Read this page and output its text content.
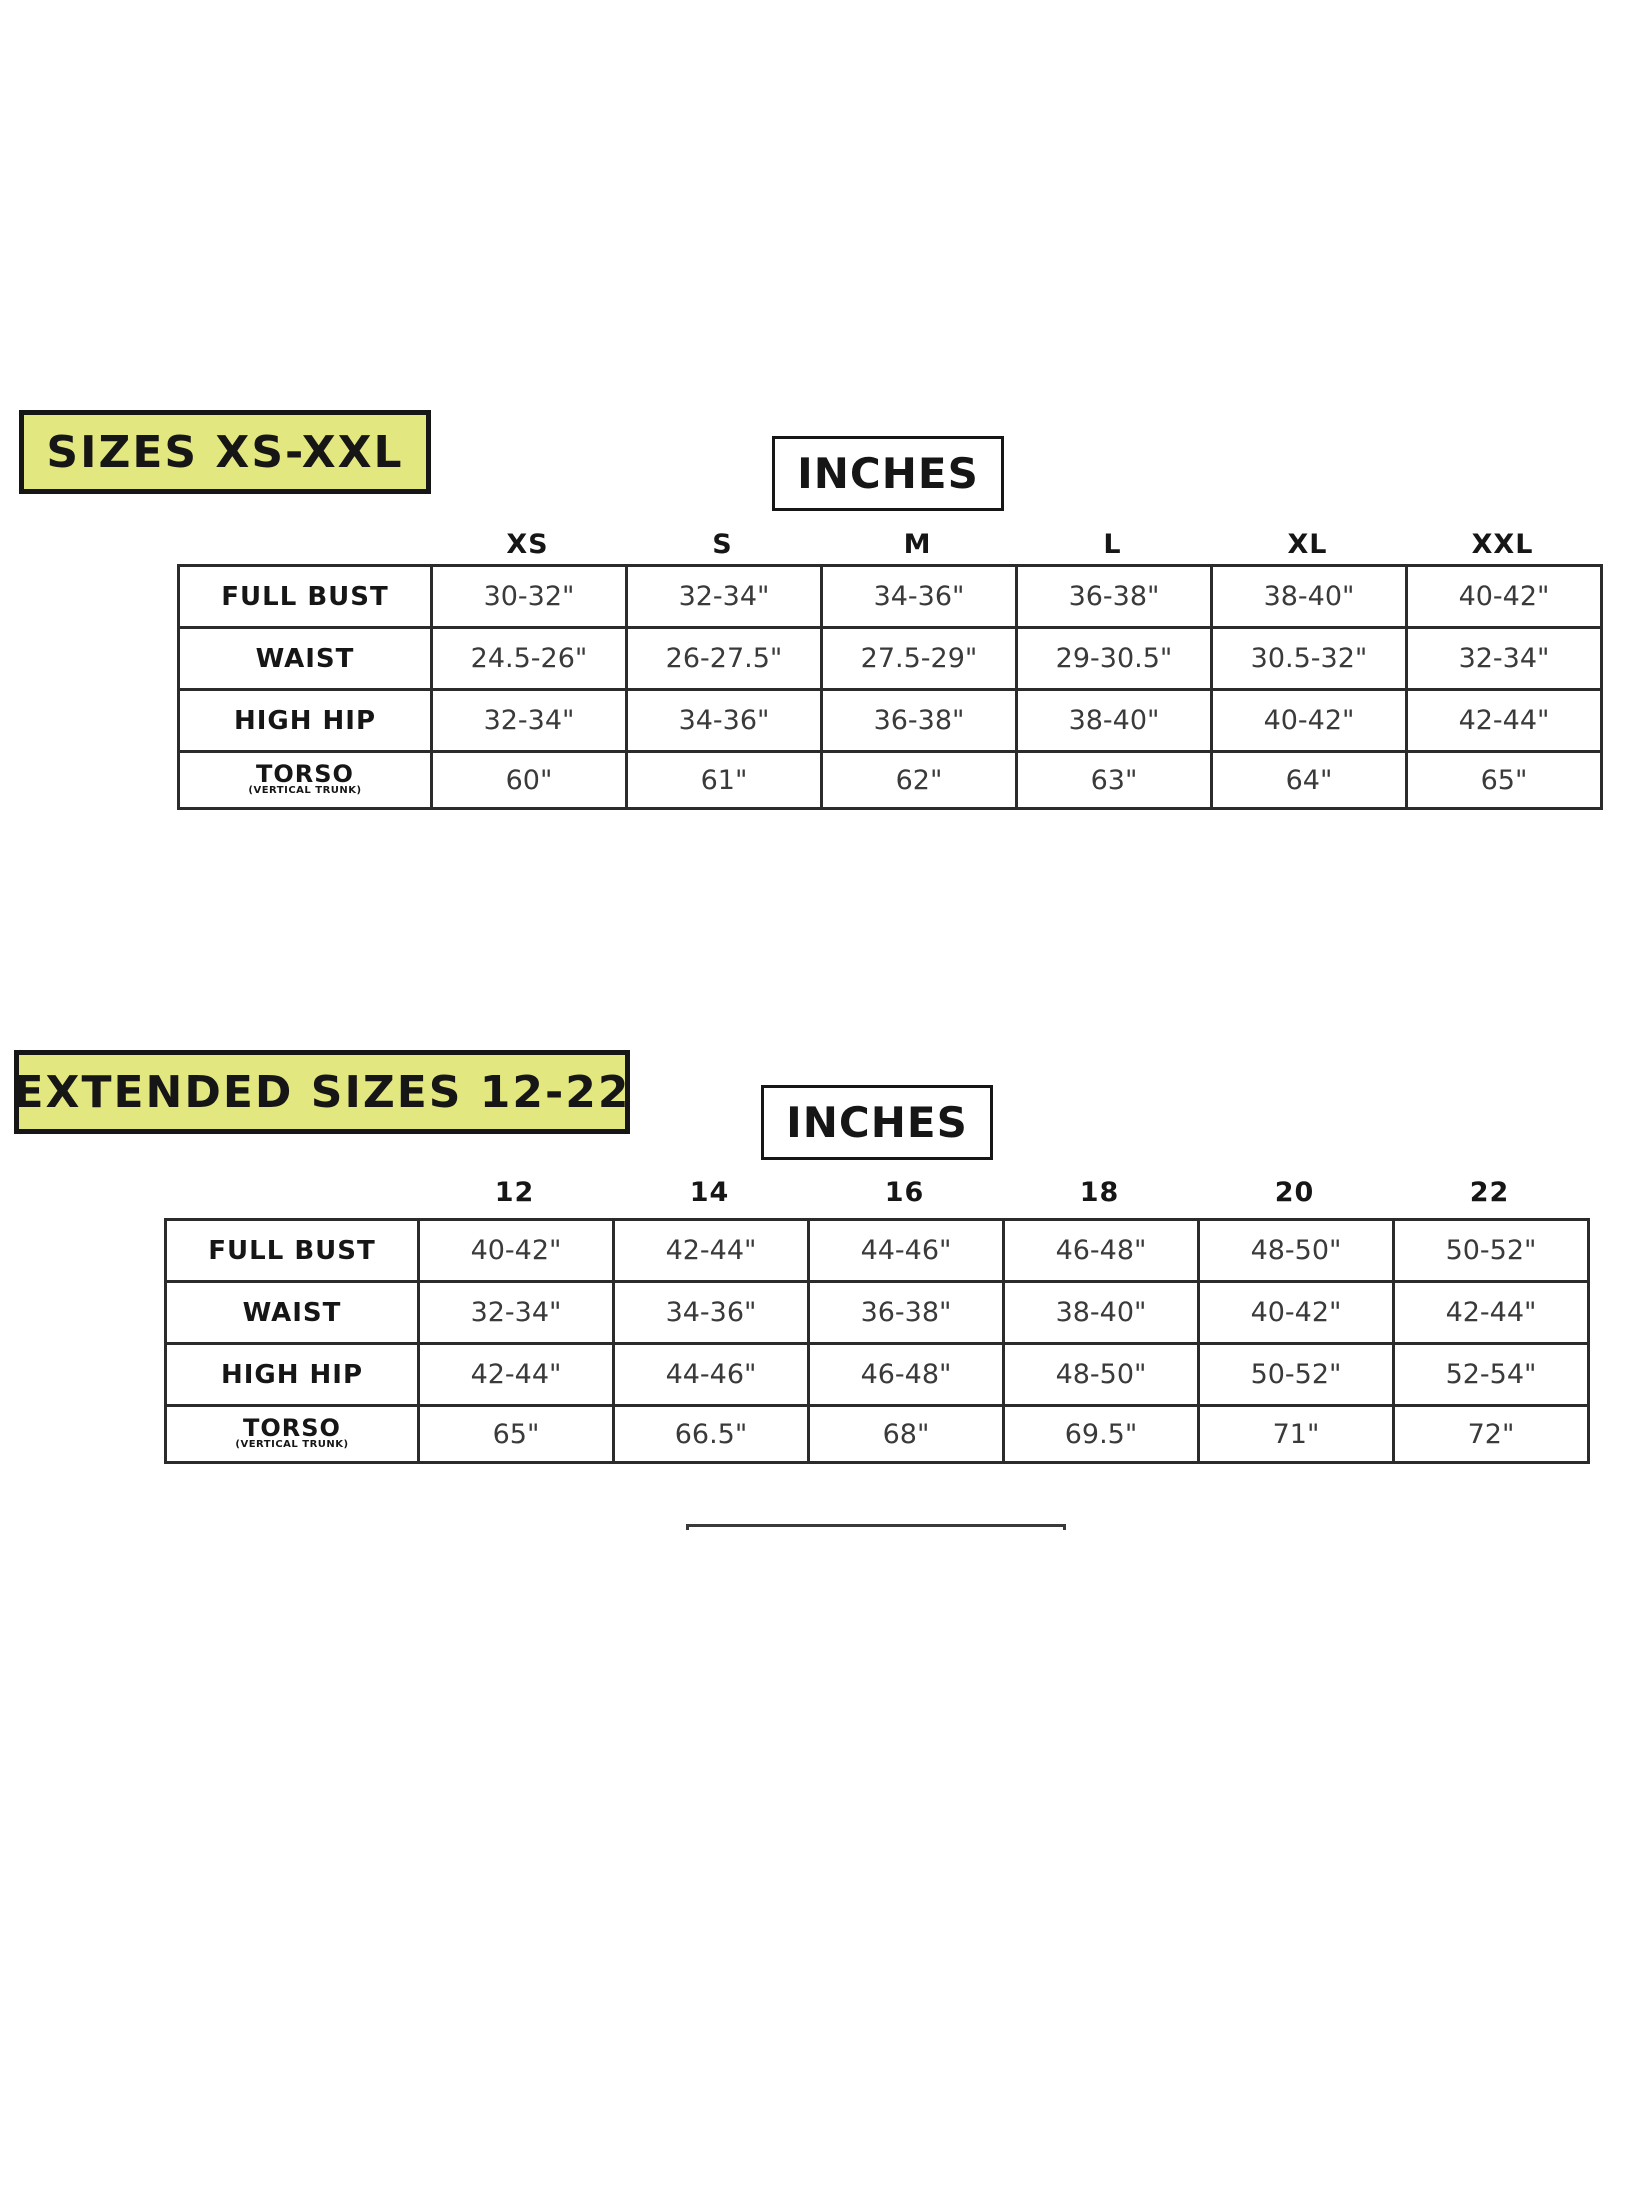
SIZES XS-XXL	INCHES
XS	S	M	L	XL	XXL
FULL BUST	30-32"	32-34"	34-36"	36-38"	38-40"	40-42"
WAIST	24.5-26"	26-27.5"	27.5-29"	29-30.5"	30.5-32"	32-34"
HIGH HIP	32-34"	34-36"	36-38"	38-40"	40-42"	42-44"

TORSO
(VERTICAL TRUNK)	60"	61"	62"	63"	64"	65"
EXTENDED SIZES 12-22
INCHES
12	14	16	18	20	22
FULL BUST	40-42"	42-44"	44-46"	46-48"	48-50"	50-52"
WAIST	32-34"	34-36"	36-38"	38-40"	40-42"	42-44"
HIGH HIP	42-44"	44-46"	46-48"	48-50"	50-52"	52-54"

TORSO
(VERTICAL TRUNK)	65"	66.5"	68"	69.5"	71"	72"
